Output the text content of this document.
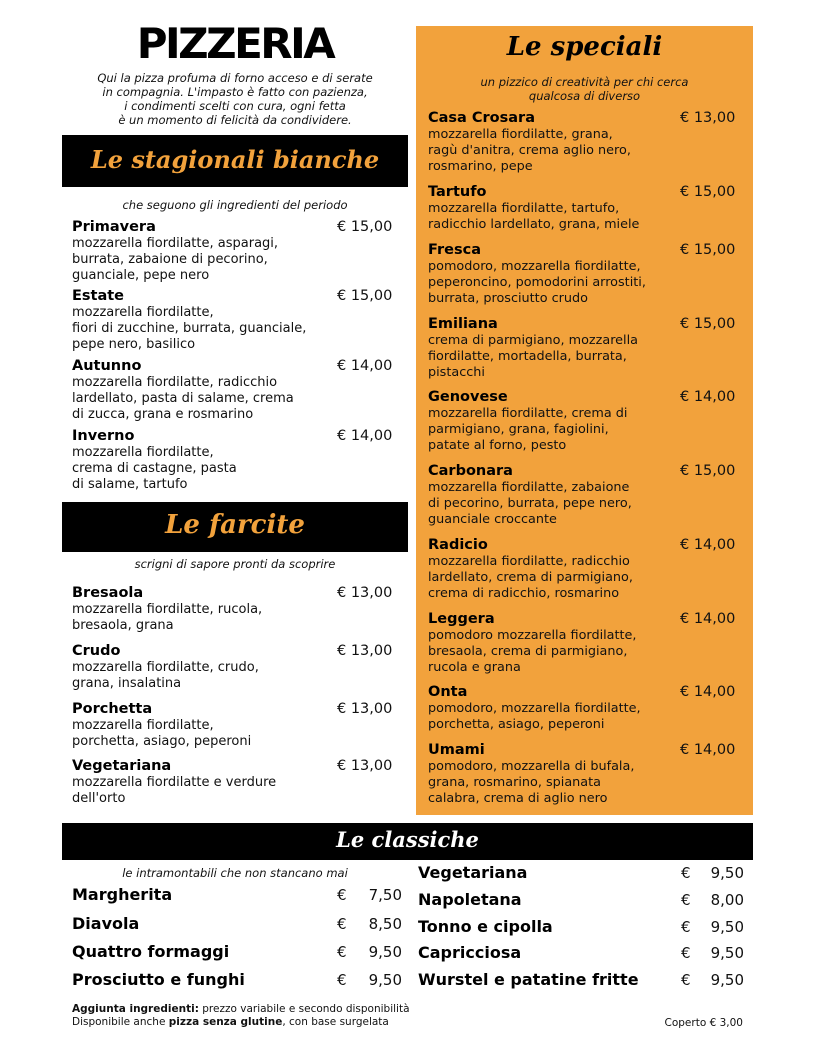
PIZZERIA
Qui la pizza profuma di forno acceso e di serate
in compagnia. L'impasto è fatto con pazienza,
i condimenti scelti con cura, ogni fetta
è un momento di felicità da condividere.
Le stagionali bianche
che seguono gli ingredienti del periodo
Primavera
mozzarella fiordilatte, asparagi,
burrata, zabaione di pecorino,
guanciale, pepe nero
€ 15,00
Estate
mozzarella fiordilatte,
fiori di zucchine, burrata, guanciale,
pepe nero, basilico
€ 15,00
Autunno
mozzarella fiordilatte, radicchio
lardellato, pasta di salame, crema
di zucca, grana e rosmarino
€ 14,00
Inverno
mozzarella fiordilatte,
crema di castagne, pasta
di salame, tartufo
€ 14,00
Le farcite
scrigni di sapore pronti da scoprire
Bresaola
mozzarella fiordilatte, rucola,
bresaola, grana
€ 13,00
Crudo
mozzarella fiordilatte, crudo,
grana, insalatina
€ 13,00
Porchetta
mozzarella fiordilatte,
porchetta, asiago, peperoni
€ 13,00
Vegetariana
mozzarella fiordilatte e verdure
dell'orto
€ 13,00
Le speciali
un pizzico di creatività per chi cerca
qualcosa di diverso
Casa Crosara
mozzarella fiordilatte, grana,
ragù d'anitra, crema aglio nero,
rosmarino, pepe
€ 13,00
Tartufo
mozzarella fiordilatte, tartufo,
radicchio lardellato, grana, miele
€ 15,00
Fresca
pomodoro, mozzarella fiordilatte,
peperoncino, pomodorini arrostiti,
burrata, prosciutto crudo
€ 15,00
Emiliana
crema di parmigiano, mozzarella
fiordilatte, mortadella, burrata,
pistacchi
€ 15,00
Genovese
mozzarella fiordilatte, crema di
parmigiano, grana, fagiolini,
patate al forno, pesto
€ 14,00
Carbonara
mozzarella fiordilatte, zabaione
di pecorino, burrata, pepe nero,
guanciale croccante
€ 15,00
Radicio
mozzarella fiordilatte, radicchio
lardellato, crema di parmigiano,
crema di radicchio, rosmarino
€ 14,00
Leggera
pomodoro mozzarella fiordilatte,
bresaola, crema di parmigiano,
rucola e grana
€ 14,00
Onta
pomodoro, mozzarella fiordilatte,
porchetta, asiago, peperoni
€ 14,00
Umami
pomodoro, mozzarella di bufala,
grana, rosmarino, spianata
calabra, crema di aglio nero
€ 14,00
Le classiche
le intramontabili che non stancano mai
Margherita	€ 7,50
Diavola	€ 8,50
Quattro formaggi	€ 9,50
Prosciutto e funghi	€ 9,50
Vegetariana	€ 9,50
Napoletana	€ 8,00
Tonno e cipolla	€ 9,50
Capricciosa	€ 9,50
Wurstel e patatine fritte	€ 9,50
Aggiunta ingredienti: prezzo variabile e secondo disponibilità
Disponibile anche pizza senza glutine, con base surgelata	Coperto € 3,00
